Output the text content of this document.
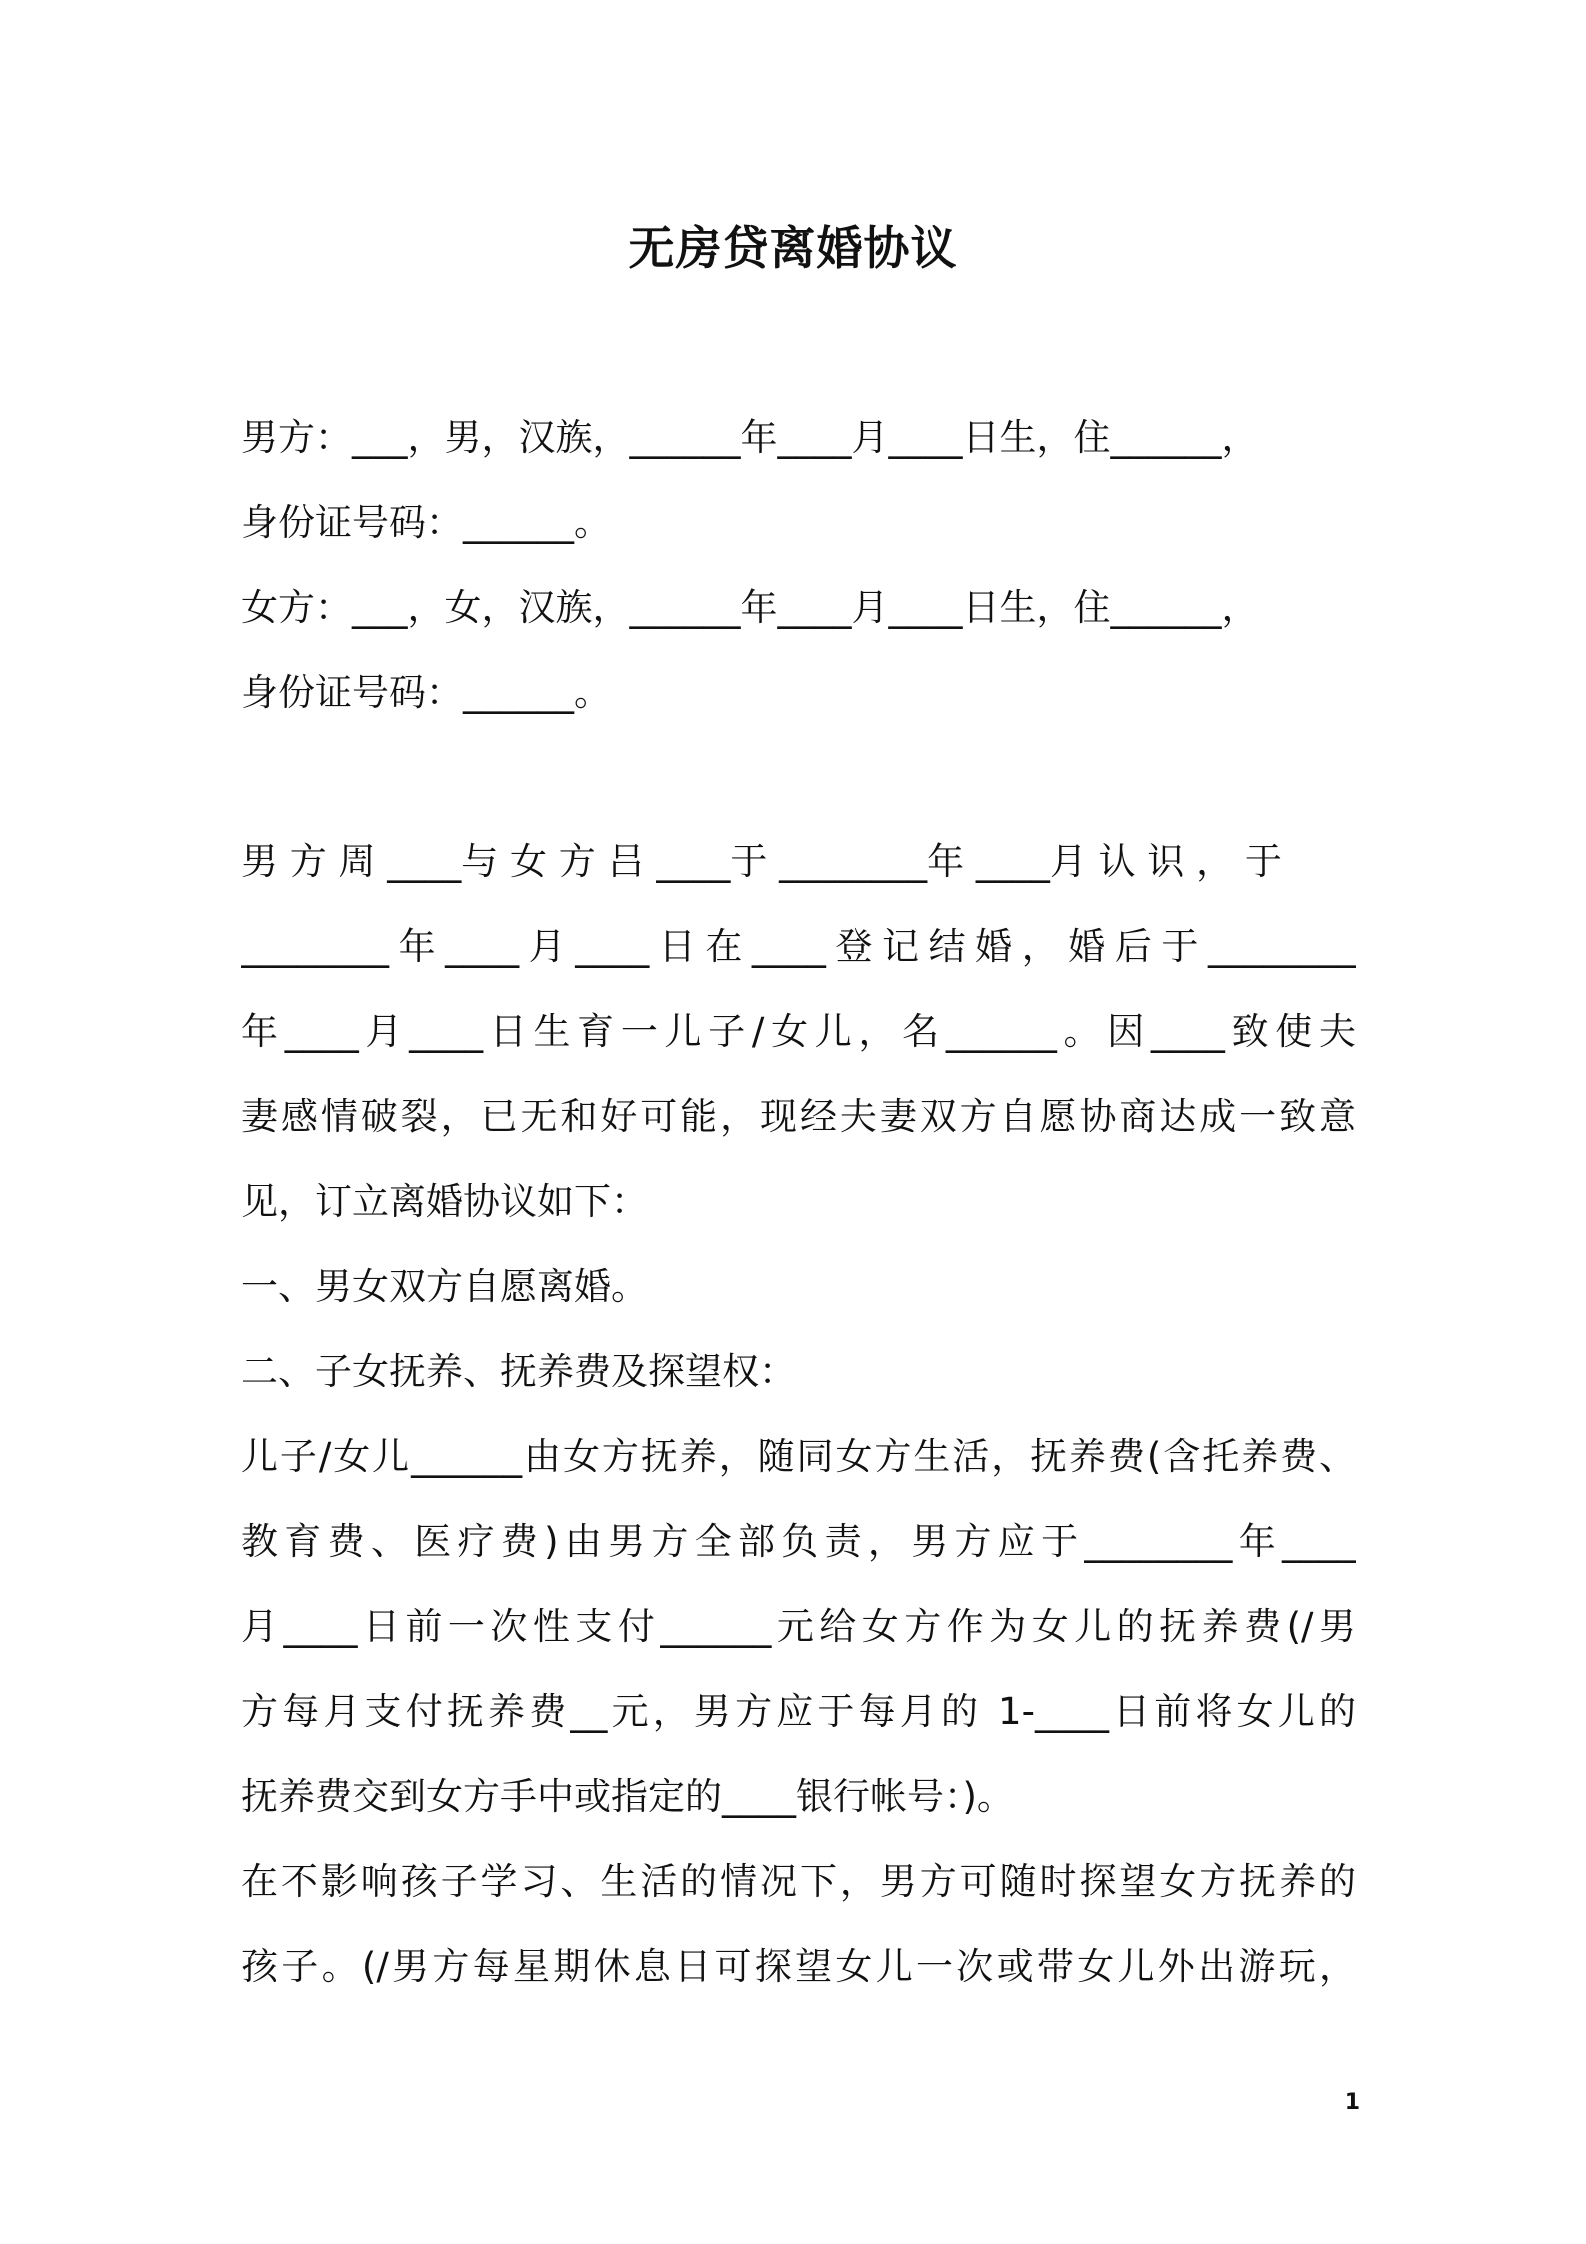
无房贷离婚协议
男方：___，男，汉族，______年____月____日生，住______，
身份证号码：______。
女方：___，女，汉族，______年____月____日生，住______，
身份证号码：______。
男 方 周 ____与 女 方 吕 ____于 ________年 ____月 认 识 ， 于
________年____月____日在____登记结婚，婚后于________
年____月____日生育一儿子/女儿，名______。因____致使夫
妻感情破裂，已无和好可能，现经夫妻双方自愿协商达成一致意
见，订立离婚协议如下：
一、男女双方自愿离婚。
二、子女抚养、抚养费及探望权：
儿子/女儿______由女方抚养，随同女方生活，抚养费(含托养费、
教育费、医疗费)由男方全部负责，男方应于________年____
月____日前一次性支付______元给女方作为女儿的抚养费(/男
方每月支付抚养费__元，男方应于每月的 1-____日前将女儿的
抚养费交到女方手中或指定的____银行帐号：)。
在不影响孩子学习、生活的情况下，男方可随时探望女方抚养的
孩子。(/男方每星期休息日可探望女儿一次或带女儿外出游玩，
1
